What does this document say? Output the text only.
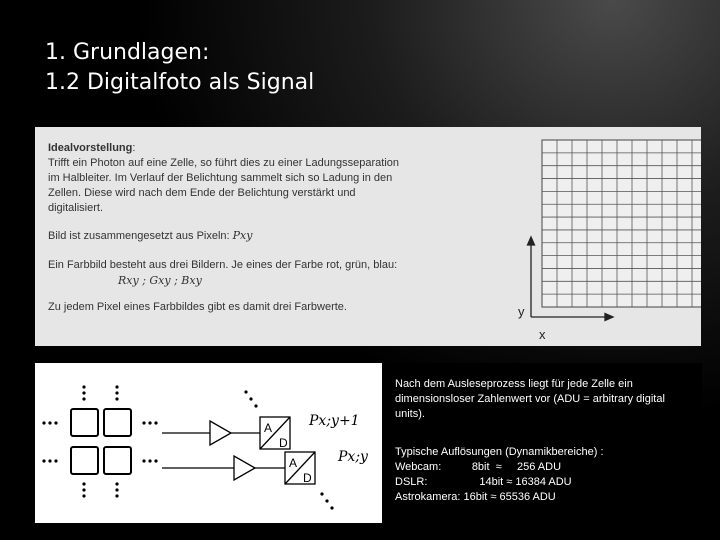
1. Grundlagen:
1.2 Digitalfoto als Signal

Idealvorstellung:

Trifft ein Photon auf eine Zelle, so führt dies zu einer Ladungsseparation

im Halbleiter. Im Verlauf der Belichtung sammelt sich so Ladung in den

Zellen. Diese wird nach dem Ende der Belichtung verstärkt und

digitalisiert.

Bild ist zusammengesetzt aus Pixeln: Pxy

Ein Farbbild besteht aus drei Bildern. Je eines der Farbe rot, grün, blau:

Rxy ; Gxy ; Bxy

Zu jedem Pixel eines Farbbildes gibt es damit drei Farbwerte.	y
x
A
D
A
D
Px;y+1
Px;y
Nach dem Ausleseprozess liegt für jede Zelle ein dimensionsloser Zahlenwert vor (ADU = arbitrary digital units).
Typische Auflösungen (Dynamikbereiche) :
Webcam:          8bit  ≈     256 ADU
DSLR:                 14bit ≈ 16384 ADU
Astrokamera: 16bit ≈ 65536 ADU
